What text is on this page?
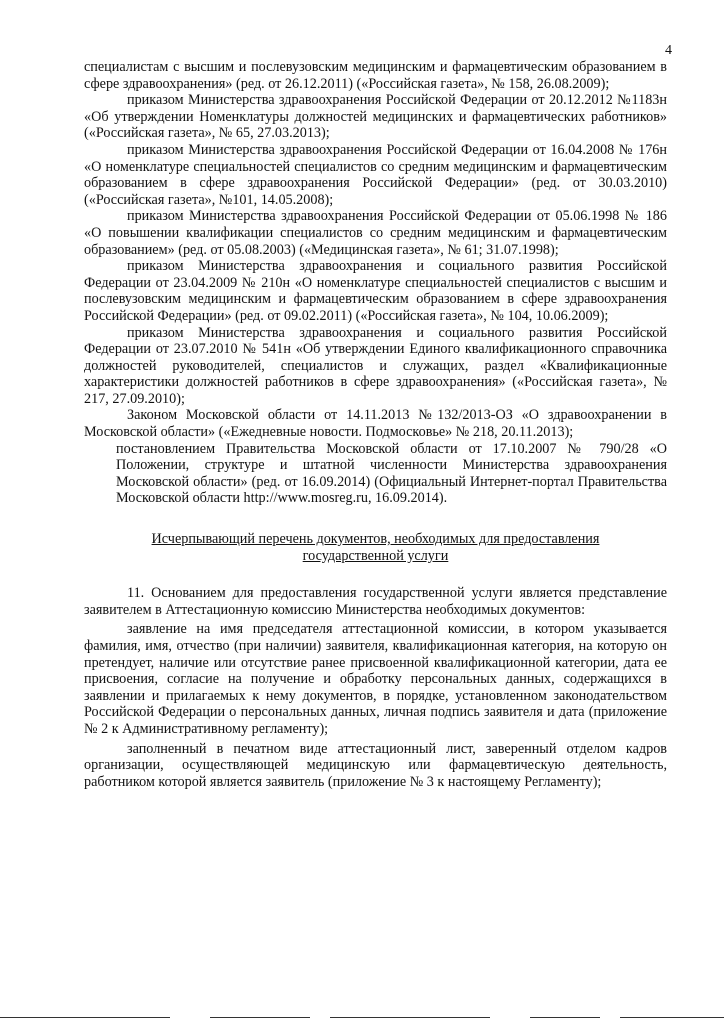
4

специалистам с высшим и послевузовским медицинским и фармацевтическим образованием в сфере здравоохранения» (ред. от 26.12.2011) («Российская газета», № 158, 26.08.2009);

приказом Министерства здравоохранения Российской Федерации от 20.12.2012 №1183н «Об утверждении Номенклатуры должностей медицинских и фармацевтических работников» («Российская газета», № 65, 27.03.2013);

приказом Министерства здравоохранения Российской Федерации от 16.04.2008 № 176н «О номенклатуре специальностей специалистов со средним медицинским и фармацевтическим образованием в сфере здравоохранения Российской Федерации» (ред. от 30.03.2010) («Российская газета», №101, 14.05.2008);

приказом Министерства здравоохранения Российской Федерации от 05.06.1998 № 186 «О повышении квалификации специалистов со средним медицинским и фармацевтическим образованием» (ред. от 05.08.2003) («Медицинская газета», № 61; 31.07.1998);

приказом Министерства здравоохранения и социального развития Российской Федерации от 23.04.2009 № 210н «О номенклатуре специальностей специалистов с высшим и послевузовским медицинским и фармацевтическим образованием в сфере здравоохранения Российской Федерации» (ред. от 09.02.2011) («Российская газета», № 104, 10.06.2009);

приказом Министерства здравоохранения и социального развития Российской Федерации от 23.07.2010 № 541н «Об утверждении Единого квалификационного справочника должностей руководителей, специалистов и служащих, раздел «Квалификационные характеристики должностей работников в сфере здравоохранения» («Российская газета», № 217, 27.09.2010);

Законом Московской области от 14.11.2013 №132/2013-ОЗ «О здравоохранении в Московской области» («Ежедневные новости. Подмосковье» № 218, 20.11.2013);

постановлением Правительства Московской области от 17.10.2007 № 790/28 «О Положении, структуре и штатной численности Министерства здравоохранения Московской области» (ред. от 16.09.2014) (Официальный Интернет-портал Правительства Московской области http://www.mosreg.ru, 16.09.2014).

Исчерпывающий перечень документов, необходимых для предоставления
государственной услуги

11. Основанием для предоставления государственной услуги является представление заявителем в Аттестационную комиссию Министерства необходимых документов:

заявление на имя председателя аттестационной комиссии, в котором указывается фамилия, имя, отчество (при наличии) заявителя, квалификационная категория, на которую он претендует, наличие или отсутствие ранее присвоенной квалификационной категории, дата ее присвоения, согласие на получение и обработку персональных данных, содержащихся в заявлении и прилагаемых к нему документов, в порядке, установленном законодательством Российской Федерации о персональных данных, личная подпись заявителя и дата (приложение № 2 к Административному регламенту);

заполненный в печатном виде аттестационный лист, заверенный отделом кадров организации, осуществляющей медицинскую или фармацевтическую деятельность, работником которой является заявитель (приложение № 3 к настоящему Регламенту);
